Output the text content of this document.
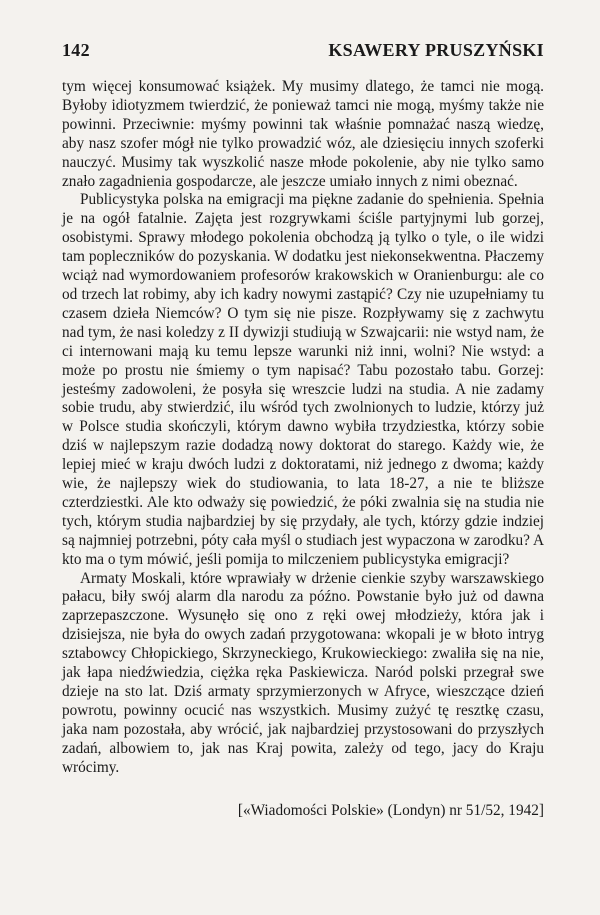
142	KSAWERY PRUSZYŃSKI

tym więcej konsumować książek. My musimy dlatego, że tamci nie mogą. Byłoby idiotyzmem twierdzić, że ponieważ tamci nie mogą, myśmy także nie powinni. Przeciwnie: myśmy powinni tak właśnie pomnażać naszą wiedzę, aby nasz szofer mógł nie tylko prowadzić wóz, ale dziesięciu innych szoferki nauczyć. Musimy tak wyszkolić nasze młode pokolenie, aby nie tylko samo znało zagadnienia gospodarcze, ale jeszcze umiało innych z nimi obeznać.

Publicystyka polska na emigracji ma piękne zadanie do spełnienia. Spełnia je na ogół fatalnie. Zajęta jest rozgrywkami ściśle partyjnymi lub gorzej, osobistymi. Sprawy młodego pokolenia obchodzą ją tylko o tyle, o ile widzi tam popleczników do pozyskania. W dodatku jest niekonsekwentna. Płaczemy wciąż nad wymordowaniem profesorów krakowskich w Oranienburgu: ale co od trzech lat robimy, aby ich kadry nowymi zastąpić? Czy nie uzupełniamy tu czasem dzieła Niemców? O tym się nie pisze. Rozpływamy się z zachwytu nad tym, że nasi koledzy z II dywizji studiują w Szwajcarii: nie wstyd nam, że ci internowani mają ku temu lepsze warunki niż inni, wolni? Nie wstyd: a może po prostu nie śmiemy o tym napisać? Tabu pozostało tabu. Gorzej: jesteśmy zadowoleni, że posyła się wreszcie ludzi na studia. A nie zadamy sobie trudu, aby stwierdzić, ilu wśród tych zwolnionych to ludzie, którzy już w Polsce studia skończyli, którym dawno wybiła trzydziestka, którzy sobie dziś w najlepszym razie dodadzą nowy doktorat do starego. Każdy wie, że lepiej mieć w kraju dwóch ludzi z doktoratami, niż jednego z dwoma; każdy wie, że najlepszy wiek do studiowania, to lata 18-27, a nie te bliższe czterdziestki. Ale kto odważy się powiedzić, że póki zwalnia się na studia nie tych, którym studia najbardziej by się przydały, ale tych, którzy gdzie indziej są najmniej potrzebni, póty cała myśl o studiach jest wypaczona w zarodku? A kto ma o tym mówić, jeśli pomija to milczeniem publicystyka emigracji?

Armaty Moskali, które wprawiały w drżenie cienkie szyby warszawskiego pałacu, biły swój alarm dla narodu za późno. Powstanie było już od dawna zaprzepaszczone. Wysunęło się ono z ręki owej młodzieży, która jak i dzisiejsza, nie była do owych zadań przygotowana: wkopali je w błoto intryg sztabowcy Chłopickiego, Skrzyneckiego, Krukowieckiego: zwaliła się na nie, jak łapa niedźwiedzia, ciężka ręka Paskiewicza. Naród polski przegrał swe dzieje na sto lat. Dziś armaty sprzymierzonych w Afryce, wieszczące dzień powrotu, powinny ocucić nas wszystkich. Musimy zużyć tę resztkę czasu, jaka nam pozostała, aby wrócić, jak najbardziej przystosowani do przyszłych zadań, albowiem to, jak nas Kraj powita, zależy od tego, jacy do Kraju wrócimy.

[«Wiadomości Polskie» (Londyn) nr 51/52, 1942]
